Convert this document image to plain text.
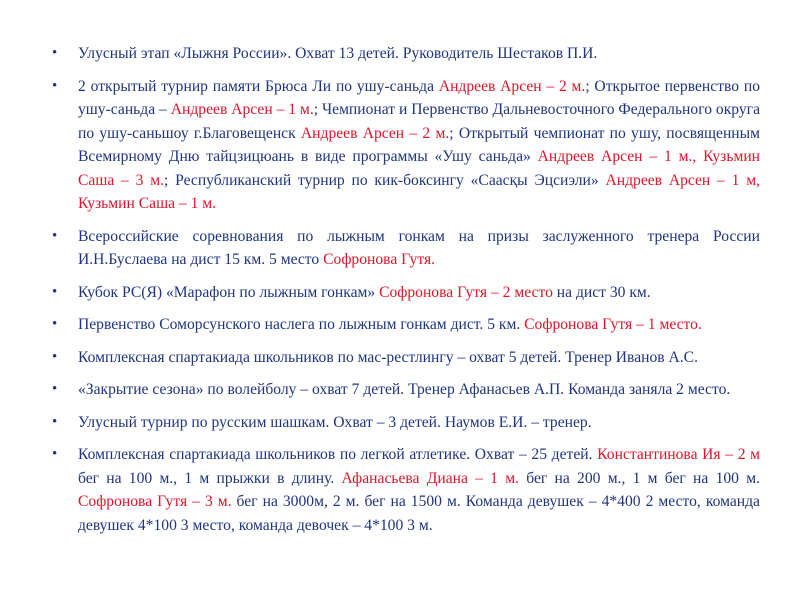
• Улусный этап «Лыжня России». Охват 13 детей. Руководитель Шестаков П.И.
• 2 открытый турнир памяти Брюса Ли по ушу-саньда Андреев Арсен – 2 м.; Открытое первенство по ушу-саньда – Андреев Арсен – 1 м.; Чемпионат и Первенство Дальневосточного Федерального округа по ушу-саньшоу г.Благовещенск Андреев Арсен – 2 м.; Открытый чемпионат по ушу, посвященным Всемирному Дню тайцзицюань в виде программы «Ушу саньда» Андреев Арсен – 1 м., Кузьмин Саша – 3 м.; Республиканский турнир по кик-боксингу «Саасқы Эцсиэли» Андреев Арсен – 1 м, Кузьмин Саша – 1 м.
• Всероссийские соревнования по лыжным гонкам на призы заслуженного тренера России И.Н.Буслаева на дист 15 км. 5 место Софронова Гутя.
• Кубок РС(Я) «Марафон по лыжным гонкам» Софронова Гутя – 2 место на дист 30 км.
• Первенство Соморсунского наслега по лыжным гонкам дист. 5 км. Софронова Гутя – 1 место.
• Комплексная спартакиада школьников по мас-рестлингу – охват 5 детей. Тренер Иванов А.С.
• «Закрытие сезона» по волейболу – охват 7 детей. Тренер Афанасьев А.П. Команда заняла 2 место.
• Улусный турнир по русским шашкам. Охват – 3 детей. Наумов Е.И. – тренер.
• Комплексная спартакиада школьников по легкой атлетике. Охват – 25 детей. Константинова Ия – 2 м бег на 100 м., 1 м прыжки в длину. Афанасьева Диана – 1 м. бег на 200 м., 1 м бег на 100 м. Софронова Гутя – 3 м. бег на 3000м, 2 м. бег на 1500 м. Команда девушек – 4*400 2 место, команда девушек 4*100 3 место, команда девочек – 4*100 3 м.
